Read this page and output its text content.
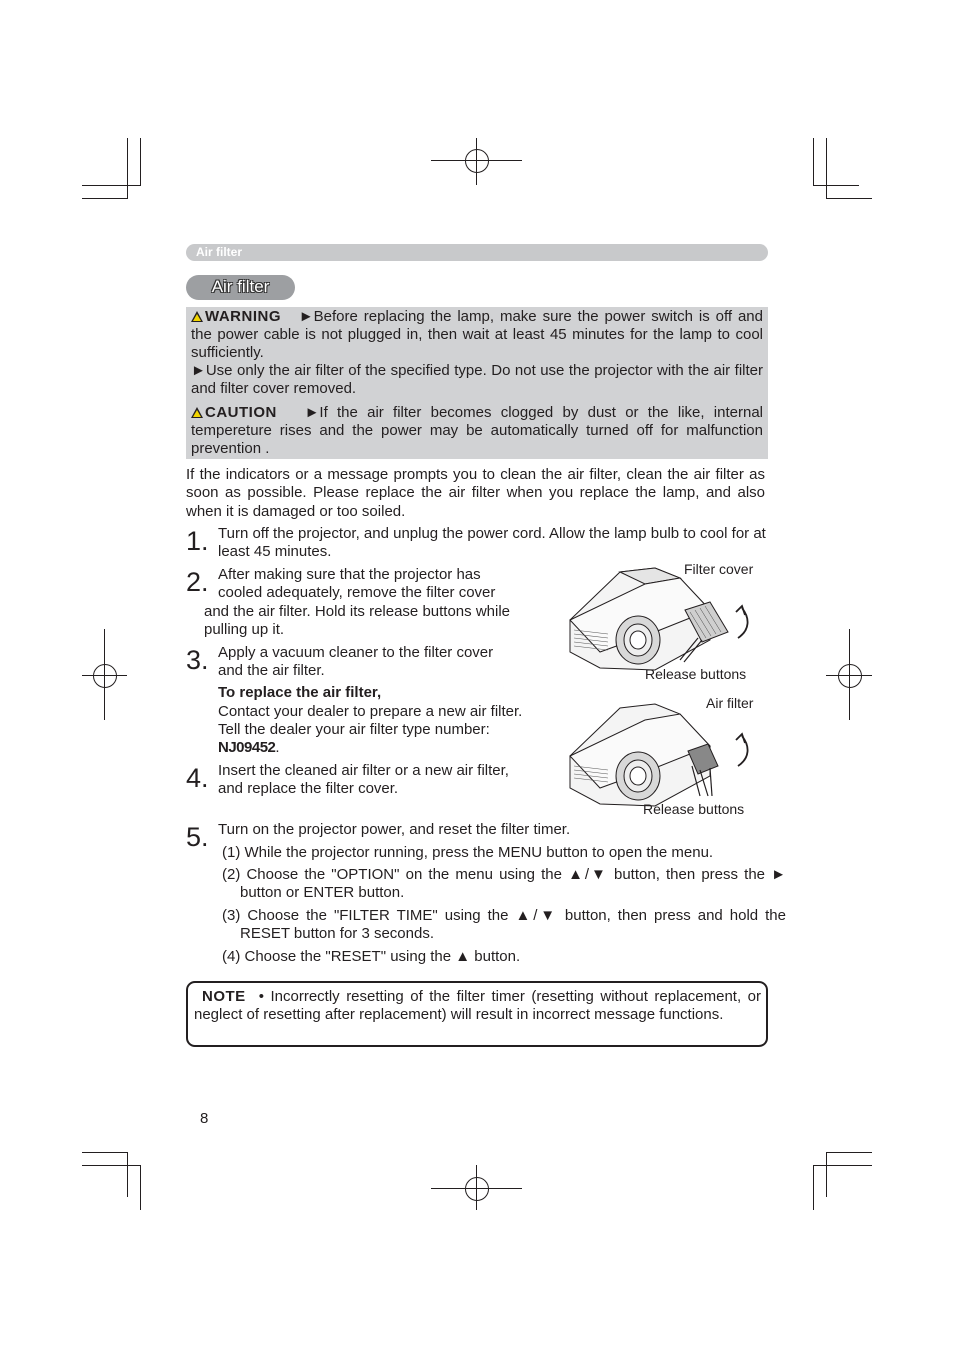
Air filter
Air filter
WARNING ►Before replacing the lamp, make sure the power switch is off and the power cable is not plugged in, then wait at least 45 minutes for the lamp to cool sufficiently.
►Use only the air filter of the specified type. Do not use the projector with the air filter and filter cover removed.
CAUTION ►If the air filter becomes clogged by dust or the like, internal tempereture rises and the power may be automatically turned off for malfunction prevention .
If the indicators or a message prompts you to clean the air filter, clean the air filter as soon as possible. Please replace the air filter when you replace the lamp, and also when it is damaged or too soiled.
1. Turn off the projector, and unplug the power cord. Allow the lamp bulb to cool for at least 45 minutes.
2. After making sure that the projector has
cooled adequately, remove the filter cover
and the air filter. Hold its release buttons while
pulling up it.
3. Apply a vacuum cleaner to the filter cover
and the air filter.
To replace the air filter,
Contact your dealer to prepare a new air filter.
Tell the dealer your air filter type number:
NJ09452.
4. Insert the cleaned air filter or a new air filter,
and replace the filter cover.
Filter cover
Release buttons
Air filter
Release buttons
5. Turn on the projector power, and reset the filter timer.
(1) While the projector running, press the MENU button to open the menu.
(2) Choose the "OPTION" on the menu using the ▲/▼ button, then press the ► button or ENTER button.
(3) Choose the "FILTER TIME" using the ▲/▼ button, then press and hold the RESET button for 3 seconds.
(4) Choose the "RESET" using the ▲ button.
NOTE • Incorrectly resetting of the filter timer (resetting without replacement, or neglect of resetting after replacement) will result in incorrect message functions.
8
